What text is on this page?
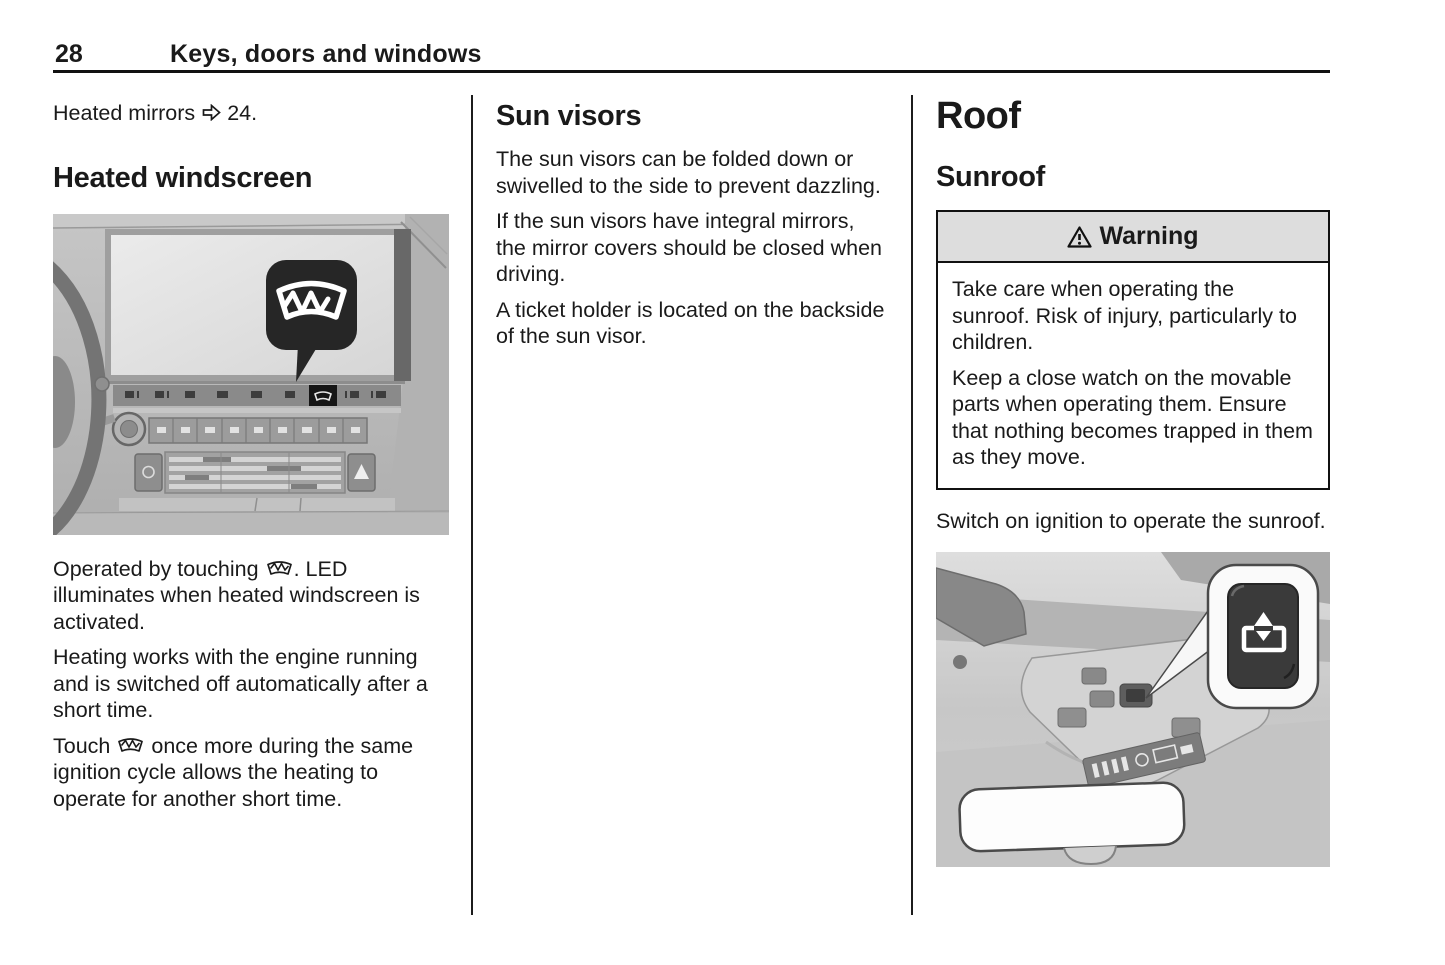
28	Keys, doors and windows

Heated mirrors 24.

Heated windscreen

Operated by touching . LED illuminates when heated windscreen is activated.

Heating works with the engine running and is switched off automatically after a short time.

Touch once more during the same ignition cycle allows the heating to operate for another short time.

Sun visors

The sun visors can be folded down or swivelled to the side to prevent dazzling.

If the sun visors have integral mirrors, the mirror covers should be closed when driving.

A ticket holder is located on the backside of the sun visor.

Roof
Sunroof
Warning

Take care when operating the sunroof. Risk of injury, particularly to children.

Keep a close watch on the movable parts when operating them. Ensure that nothing becomes trapped in them as they move.

Switch on ignition to operate the sunroof.
